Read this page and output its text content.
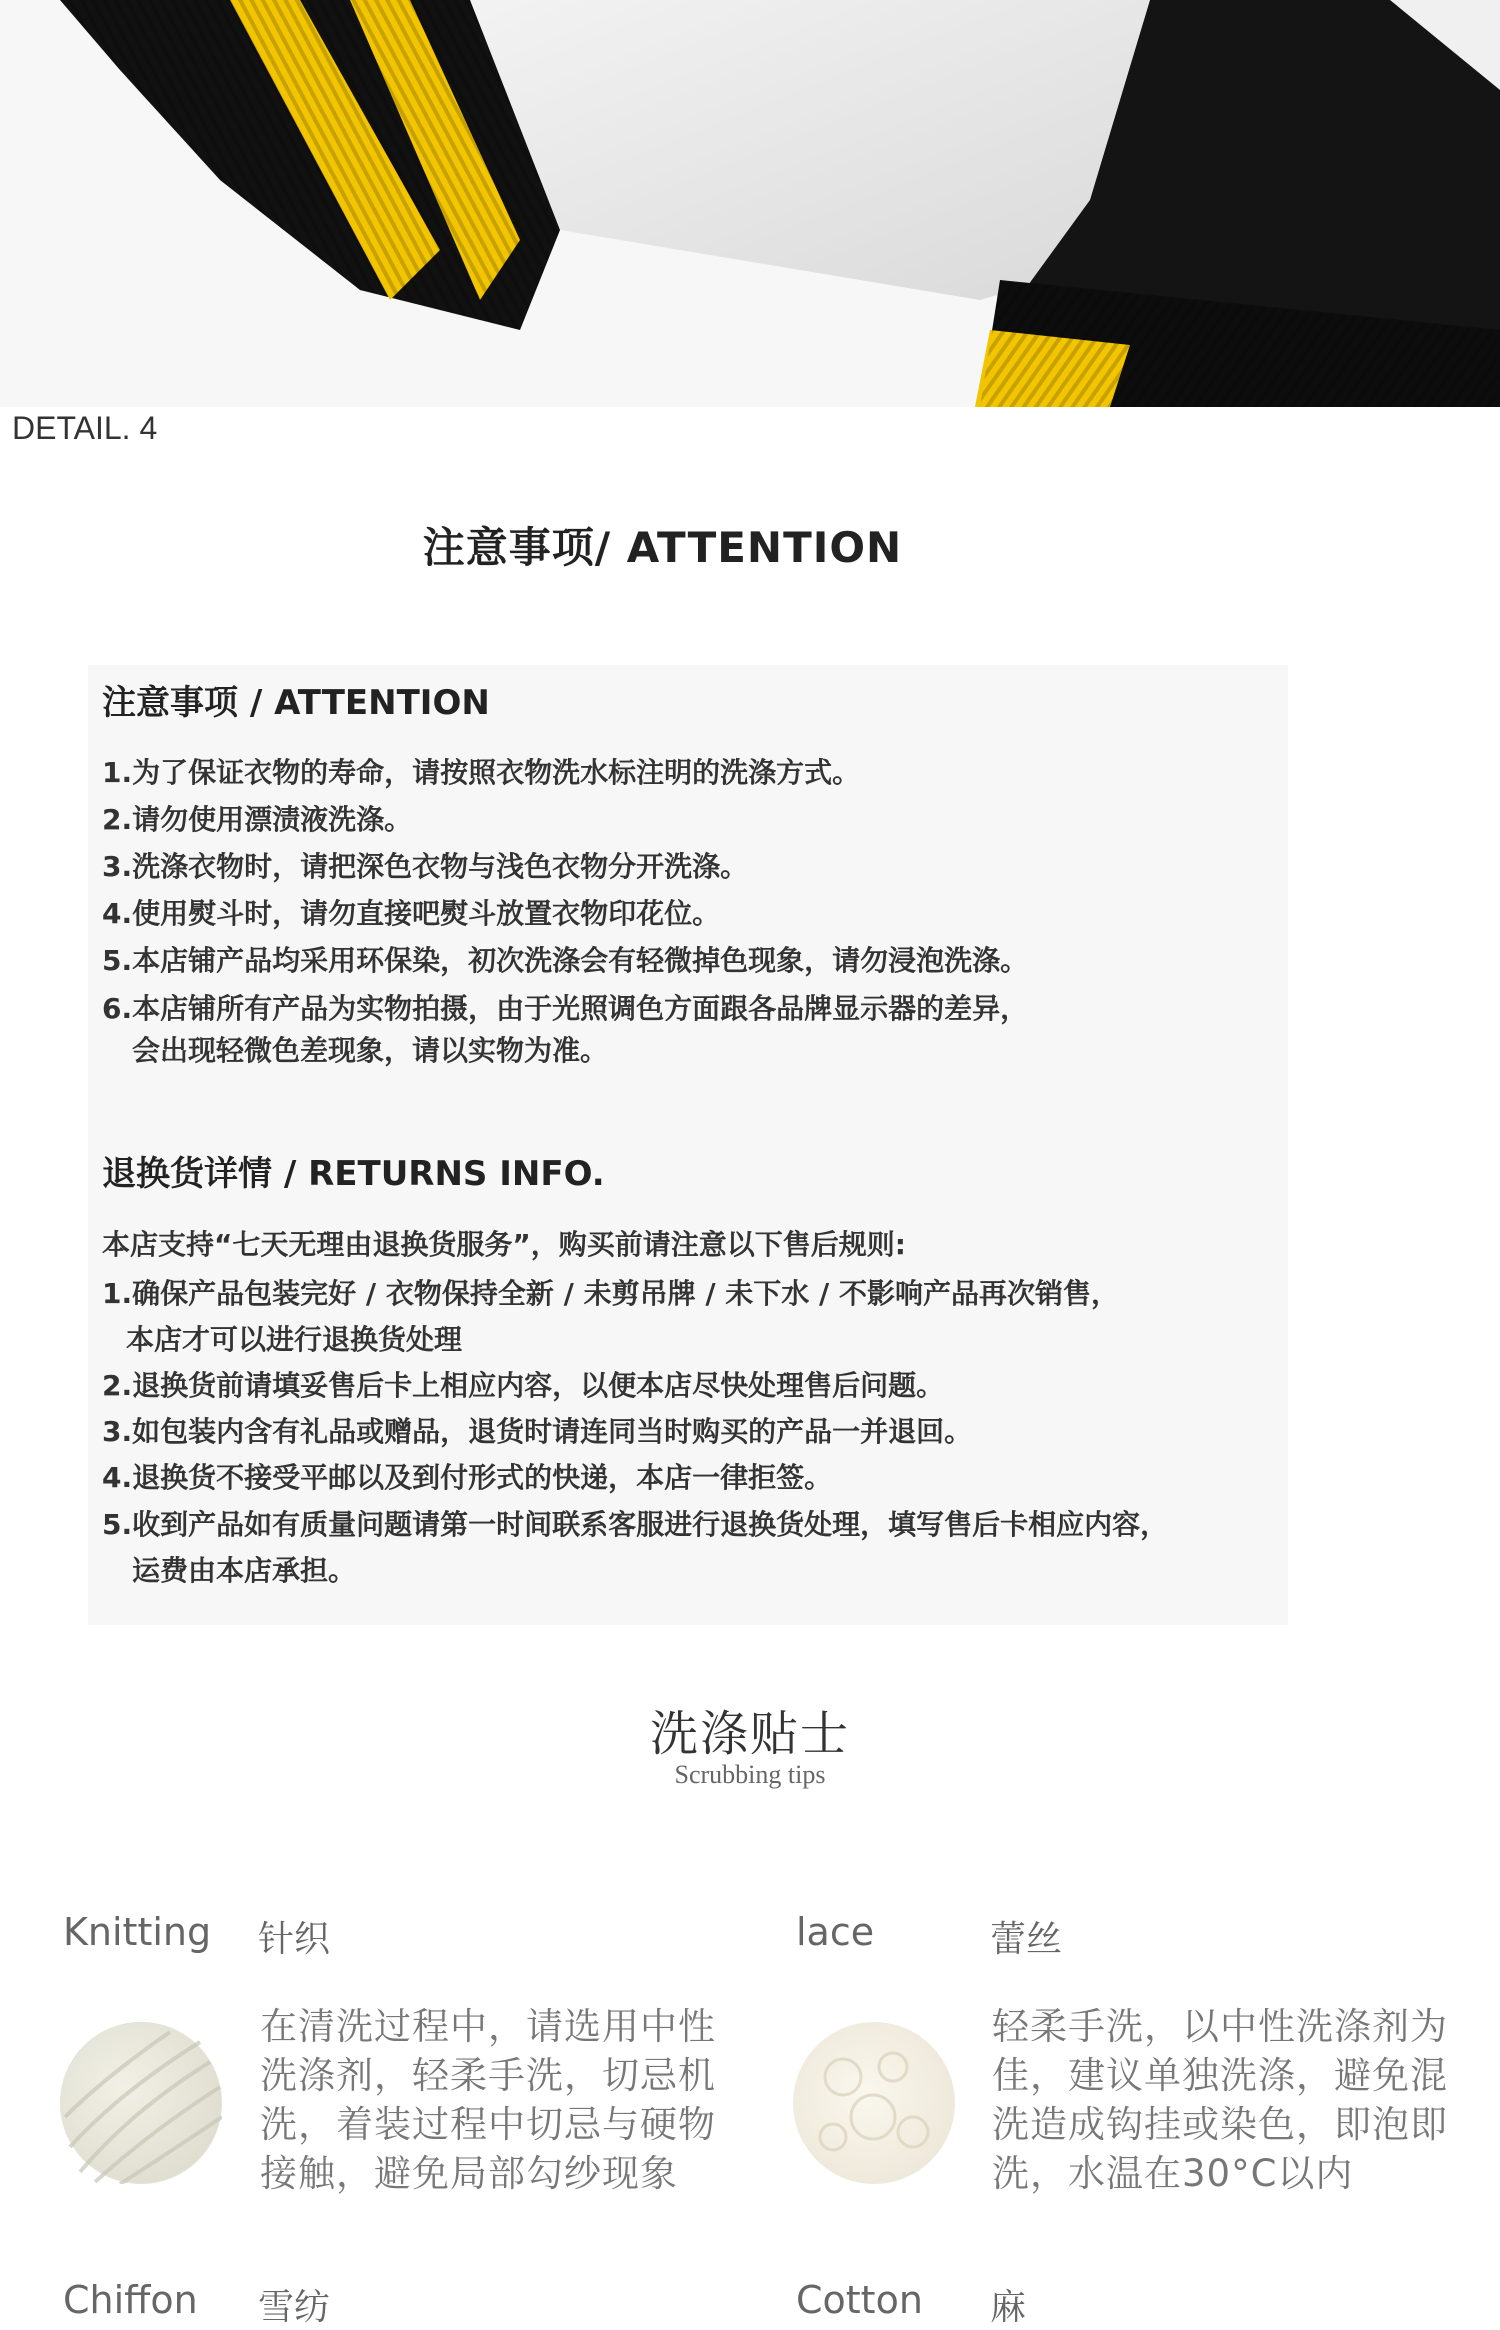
DETAIL. 4
注意事项/ ATTENTION
注意事项 / ATTENTION
1.为了保证衣物的寿命，请按照衣物洗水标注明的洗涤方式。
2.请勿使用漂渍液洗涤。
3.洗涤衣物时，请把深色衣物与浅色衣物分开洗涤。
4.使用熨斗时，请勿直接吧熨斗放置衣物印花位。
5.本店铺产品均采用环保染，初次洗涤会有轻微掉色现象，请勿浸泡洗涤。
6.本店铺所有产品为实物拍摄，由于光照调色方面跟各品牌显示器的差异，
会出现轻微色差现象，请以实物为准。
退换货详情 / RETURNS INFO.
本店支持“七天无理由退换货服务”，购买前请注意以下售后规则:
1.确保产品包装完好 / 衣物保持全新 / 未剪吊牌 / 未下水 / 不影响产品再次销售，
本店才可以进行退换货处理
2.退换货前请填妥售后卡上相应内容，以便本店尽快处理售后问题。
3.如包装内含有礼品或赠品，退货时请连同当时购买的产品一并退回。
4.退换货不接受平邮以及到付形式的快递，本店一律拒签。
5.收到产品如有质量问题请第一时间联系客服进行退换货处理，填写售后卡相应内容，
运费由本店承担。
洗涤贴士
Scrubbing tips
Knitting 针织
在清洗过程中，请选用中性
洗涤剂，轻柔手洗，切忌机
洗，着装过程中切忌与硬物
接触，避免局部勾纱现象
lace	蕾丝
轻柔手洗，以中性洗涤剂为
佳，建议单独洗涤，避免混
洗造成钩挂或染色，即泡即
洗，水温在30°C以内
Chiffon 雪纺	Cotton 麻
